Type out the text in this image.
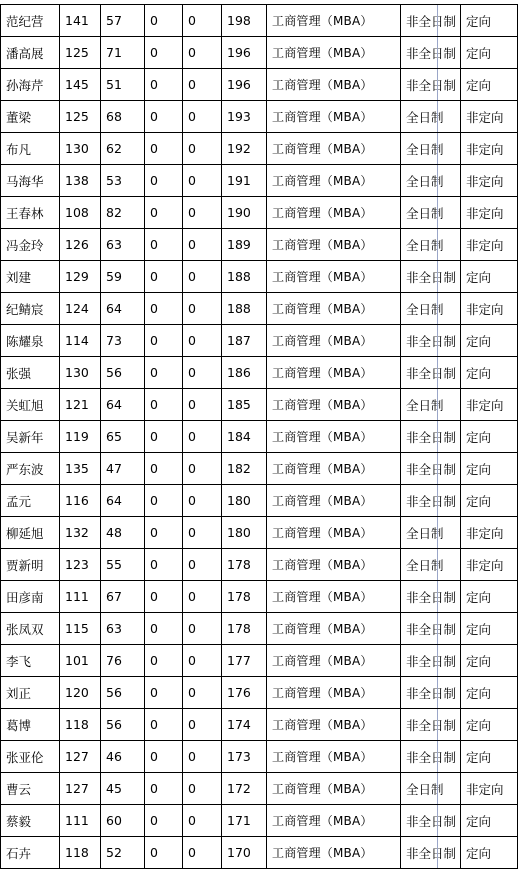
范纪营	141	57	0	0	198	工商管理（MBA）	非全日制	定向
潘高展	125	71	0	0	196	工商管理（MBA）	非全日制	定向
孙海芹	145	51	0	0	196	工商管理（MBA）	非全日制	定向
董梁	125	68	0	0	193	工商管理（MBA）	全日制	非定向
布凡	130	62	0	0	192	工商管理（MBA）	全日制	非定向
马海华	138	53	0	0	191	工商管理（MBA）	全日制	非定向
王春林	108	82	0	0	190	工商管理（MBA）	全日制	非定向
冯金玲	126	63	0	0	189	工商管理（MBA）	全日制	非定向
刘建	129	59	0	0	188	工商管理（MBA）	非全日制	定向
纪鲭宸	124	64	0	0	188	工商管理（MBA）	全日制	非定向
陈耀泉	114	73	0	0	187	工商管理（MBA）	非全日制	定向
张强	130	56	0	0	186	工商管理（MBA）	非全日制	定向
关虹旭	121	64	0	0	185	工商管理（MBA）	全日制	非定向
吴新年	119	65	0	0	184	工商管理（MBA）	非全日制	定向
严东波	135	47	0	0	182	工商管理（MBA）	非全日制	定向
孟元	116	64	0	0	180	工商管理（MBA）	非全日制	定向
柳延旭	132	48	0	0	180	工商管理（MBA）	全日制	非定向
贾新明	123	55	0	0	178	工商管理（MBA）	全日制	非定向
田彦南	111	67	0	0	178	工商管理（MBA）	非全日制	定向
张凤双	115	63	0	0	178	工商管理（MBA）	非全日制	定向
李飞	101	76	0	0	177	工商管理（MBA）	非全日制	定向
刘正	120	56	0	0	176	工商管理（MBA）	非全日制	定向
葛博	118	56	0	0	174	工商管理（MBA）	非全日制	定向
张亚伦	127	46	0	0	173	工商管理（MBA）	非全日制	定向
曹云	127	45	0	0	172	工商管理（MBA）	全日制	非定向
蔡毅	111	60	0	0	171	工商管理（MBA）	非全日制	定向
石卉	118	52	0	0	170	工商管理（MBA）	非全日制	定向
